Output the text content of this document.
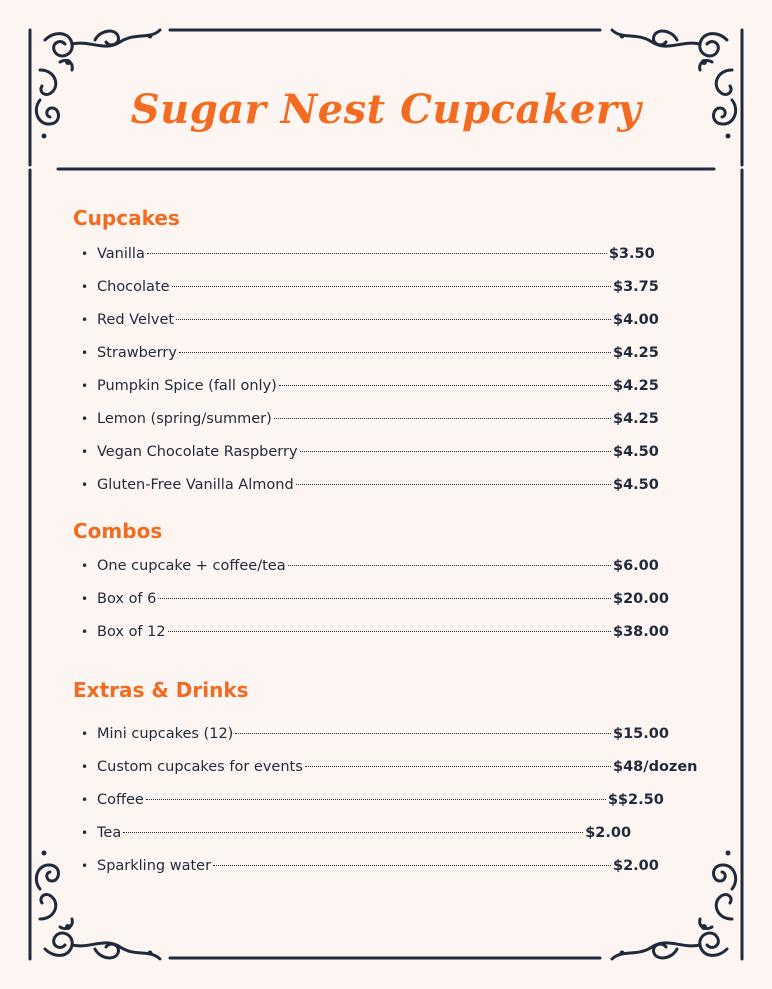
Sugar Nest Cupcakery
Cupcakes
• Vanilla	$3.50
• Chocolate	$3.75
• Red Velvet	$4.00
• Strawberry	$4.25
• Pumpkin Spice (fall only)	$4.25
• Lemon (spring/summer)	$4.25
• Vegan Chocolate Raspberry	$4.50
• Gluten-Free Vanilla Almond	$4.50
Combos
• One cupcake + coffee/tea	$6.00
• Box of 6	$20.00
• Box of 12	$38.00
Extras & Drinks
• Mini cupcakes (12)	$15.00
• Custom cupcakes for events	$48/dozen
• Coffee	$$2.50
• Tea	$2.00
• Sparkling water	$2.00
